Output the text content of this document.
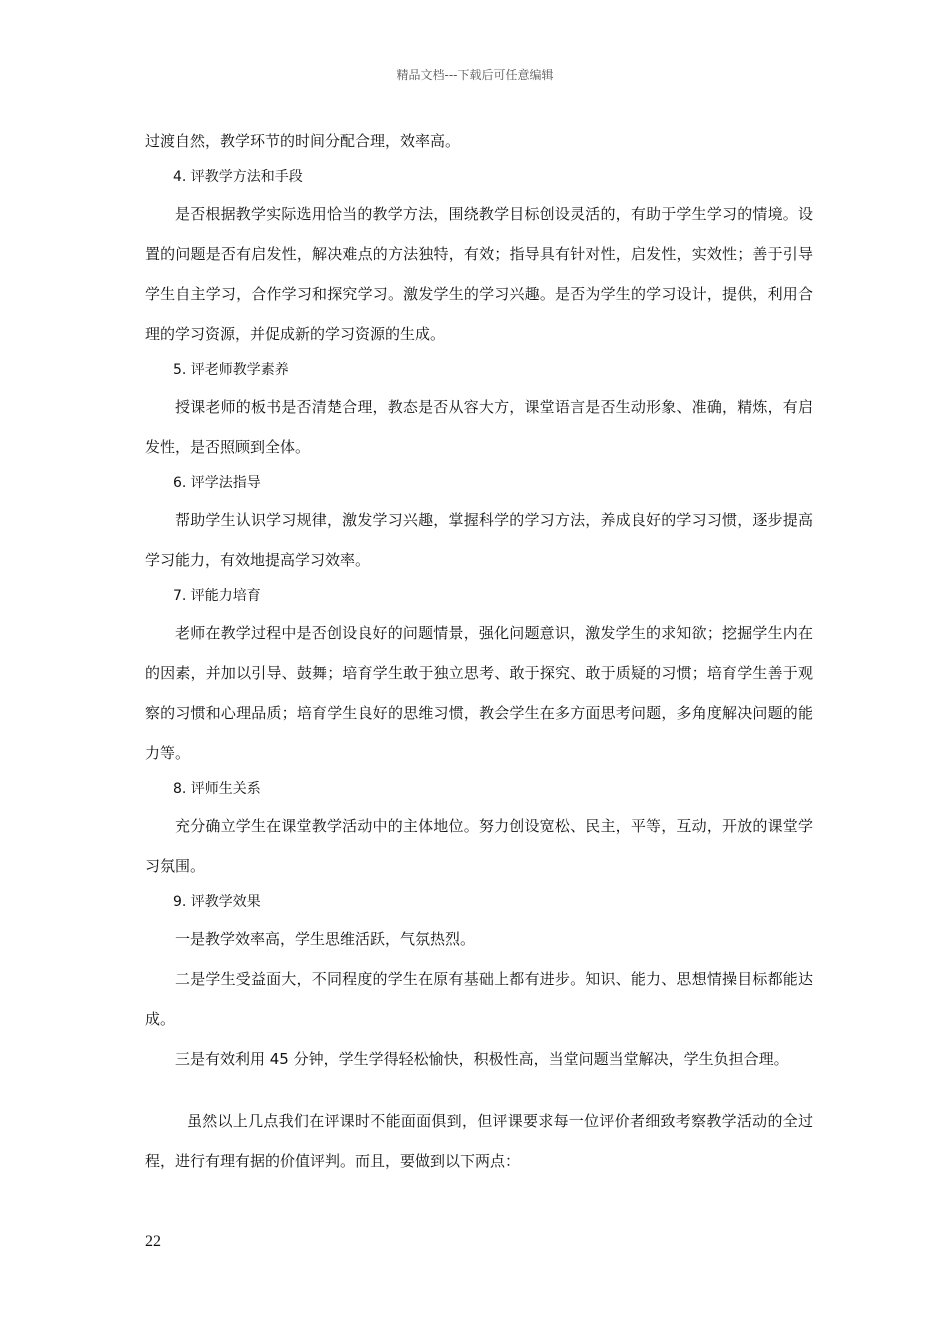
精品文档---下载后可任意编辑

过渡自然，教学环节的时间分配合理，效率高。

4. 评教学方法和手段

是否根据教学实际选用恰当的教学方法，围绕教学目标创设灵活的，有助于学生学习的情境。设置的问题是否有启发性，解决难点的方法独特，有效；指导具有针对性，启发性，实效性；善于引导学生自主学习，合作学习和探究学习。激发学生的学习兴趣。是否为学生的学习设计，提供，利用合理的学习资源，并促成新的学习资源的生成。

5. 评老师教学素养

授课老师的板书是否清楚合理，教态是否从容大方，课堂语言是否生动形象、准确，精炼，有启发性，是否照顾到全体。

6. 评学法指导

帮助学生认识学习规律，激发学习兴趣，掌握科学的学习方法，养成良好的学习习惯，逐步提高学习能力，有效地提高学习效率。

7. 评能力培育

老师在教学过程中是否创设良好的问题情景，强化问题意识，激发学生的求知欲；挖掘学生内在的因素，并加以引导、鼓舞；培育学生敢于独立思考、敢于探究、敢于质疑的习惯；培育学生善于观察的习惯和心理品质；培育学生良好的思维习惯，教会学生在多方面思考问题，多角度解决问题的能力等。

8. 评师生关系

充分确立学生在课堂教学活动中的主体地位。努力创设宽松、民主，平等，互动，开放的课堂学习氛围。

9. 评教学效果

一是教学效率高，学生思维活跃，气氛热烈。

二是学生受益面大，不同程度的学生在原有基础上都有进步。知识、能力、思想情操目标都能达成。

三是有效利用 45 分钟，学生学得轻松愉快，积极性高，当堂问题当堂解决，学生负担合理。

虽然以上几点我们在评课时不能面面俱到，但评课要求每一位评价者细致考察教学活动的全过程，进行有理有据的价值评判。而且，要做到以下两点：

22
